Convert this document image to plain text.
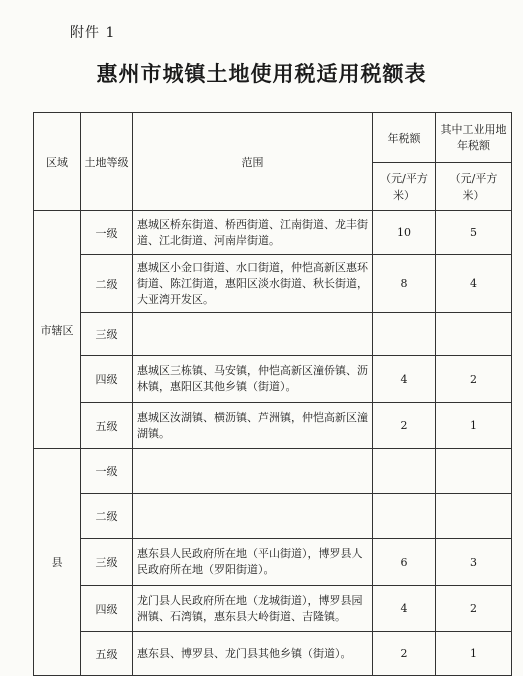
附件 1
惠州市城镇土地使用税适用税额表
区域	土地等级	范围	年税额	其中工业用地年税额
			（元/平方米）	（元/平方米）
市辖区	一级	惠城区桥东街道、桥西街道、江南街道、龙丰街道、江北街道、河南岸街道。	10	5
	二级	惠城区小金口街道、水口街道，仲恺高新区惠环街道、陈江街道，惠阳区淡水街道、秋长街道，大亚湾开发区。	8	4
	三级			
	四级	惠城区三栋镇、马安镇，仲恺高新区潼侨镇、沥林镇，惠阳区其他乡镇（街道）。	4	2
	五级	惠城区汝湖镇、横沥镇、芦洲镇，仲恺高新区潼湖镇。	2	1
县	一级			
	二级			
	三级	惠东县人民政府所在地（平山街道），博罗县人民政府所在地（罗阳街道）。	6	3
	四级	龙门县人民政府所在地（龙城街道），博罗县园洲镇、石湾镇，惠东县大岭街道、吉隆镇。	4	2
	五级	惠东县、博罗县、龙门县其他乡镇（街道）。	2	1
